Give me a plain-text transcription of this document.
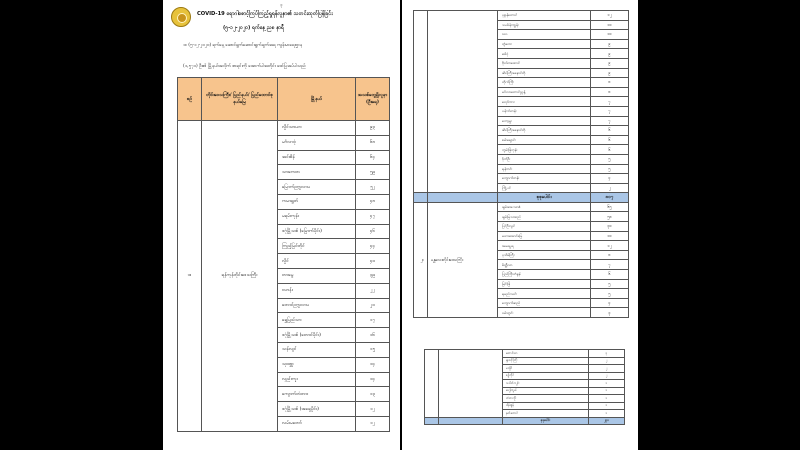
၃
COVID-19 ရောဂါစောင့်ကြပ်ကြည့်ရှုရန်လူနာ၏ သတင်းထုတ်ပြန်ခြင်း
(၅-၁၂-၂၀၂၀) ရက်နေ့ ည၈ နာရီ
၁။ (၅-၁၂-၂၀၂၀) ရက်နေ့ ဆောင်ရွက်ဆောင်းရွက်ချက်အရ ကျန်းမာရေးဌာန
(၁,၅၇၁) ဦး၏ မြို့နယ်အလိုက် စာရင်းကို အောက်ပါအတိုင်း ဖော်ပြအပ်ပါသည်
စဉ်	တိုင်းဒေသကြီး/ ပြည်နယ်/ ပြည်ထောင်စုနယ်မြေ	မြို့နယ်	အသစ်တွေ့ရှိလူနာ (ဦးရေ)
၁။	ရန်ကုန်တိုင်းဒေသကြီး	လှိုင်သာယာ	၉၃
		မင်္ဂလာဒုံ	၆၈
		အင်းစိန်	၆၄
		သာကေတ	၅၉
		မြောက်ဥက္ကလာပ	၅၂
		ကမာရွတ်	၄၈
		မရမ်းကုန်း	၄၇
		ဒဂုံမြို့သစ် (မြောက်ပိုင်း)	၄၆
		ကြည့်မြင်တိုင်	၄၄
		လှိုင်	၄၀
		တာမွေ	၃၉
		ဗဟန်း	၂၂
		တောင်ဥက္ကလာပ	၂၀
		ရွှေပြည်သာ	၁၇
		ဒဂုံမြို့သစ် (တောင်ပိုင်း)	၁၆
		သန်လျင်	၁၅
		သုဝဏ္ဏ	၁၄
		လှည်းကူး	၁၄
		ကျောက်တံတား	၁၃
		ဒဂုံမြို့သစ် (အရှေ့ပိုင်း)	၁၂
		လမ်းမတော်	၁၂
		ပုဇွန်တောင်	၁၂
		သင်္ဃန်းကျွန်း	၁၀
		ဒလ	၁၀
		တွံတေး	၉
		ဒေါပုံ	၉
		ဗိုလ်တထောင်	၉
		ဆိပ်ကြီးခနောင်တို	၉
		တိုက်ကြီး	၈
		မင်္ဂလာတောင်ညွန့်	၈
		လှော်ကား	၇
		ပန်းဘဲတန်း	၇
		ကော့မှူး	၇
		ဆိပ်ကြီးခနောင်တို	၆
		စမ်းချောင်း	၆
		ကွမ်းခြံကုန်း	၆
		ဒိုက်ဦး	၅
		ရန်ကင်း	၅
		ကျောက်တန်း	၄
		ကြို့ပင်	၂
		စုစုပေါင်း	၈၀၇
၂။	မန္တလေးတိုင်းဒေသကြီး	ချမ်းအေးသာဇံ	၆၅
		ချမ်းမြသာစည်	၅၈
		ပြင်ဦးလွင်	၃၀
		မဟာအောင်မြေ	၁၀
		အမရပူရ	၁၂
		ပုသိမ်ကြီး	၈
		မိတ္ထီလာ	၇
		ပြည်ကြီးတံခွန်	၆
		မြင်းခြံ	၅
		ရမည်းသင်း	၅
		ကျောက်ဆည်	၄
		ဝမ်းတွင်း	၃
		တောင်သာ	၃
		နွားထိုးကြီး	၂
		မလှိုင်	၂
		စဉ့်ကိုင်	၂
		သပိတ်ကျင်း	၁
		ပျော်ဘွယ်	၁
		တံတားဦး	၁
		ငါန်းဇွန်	၁
		နတ်တောင်	၁
		စုစုပေါင်း	၂၃၀
